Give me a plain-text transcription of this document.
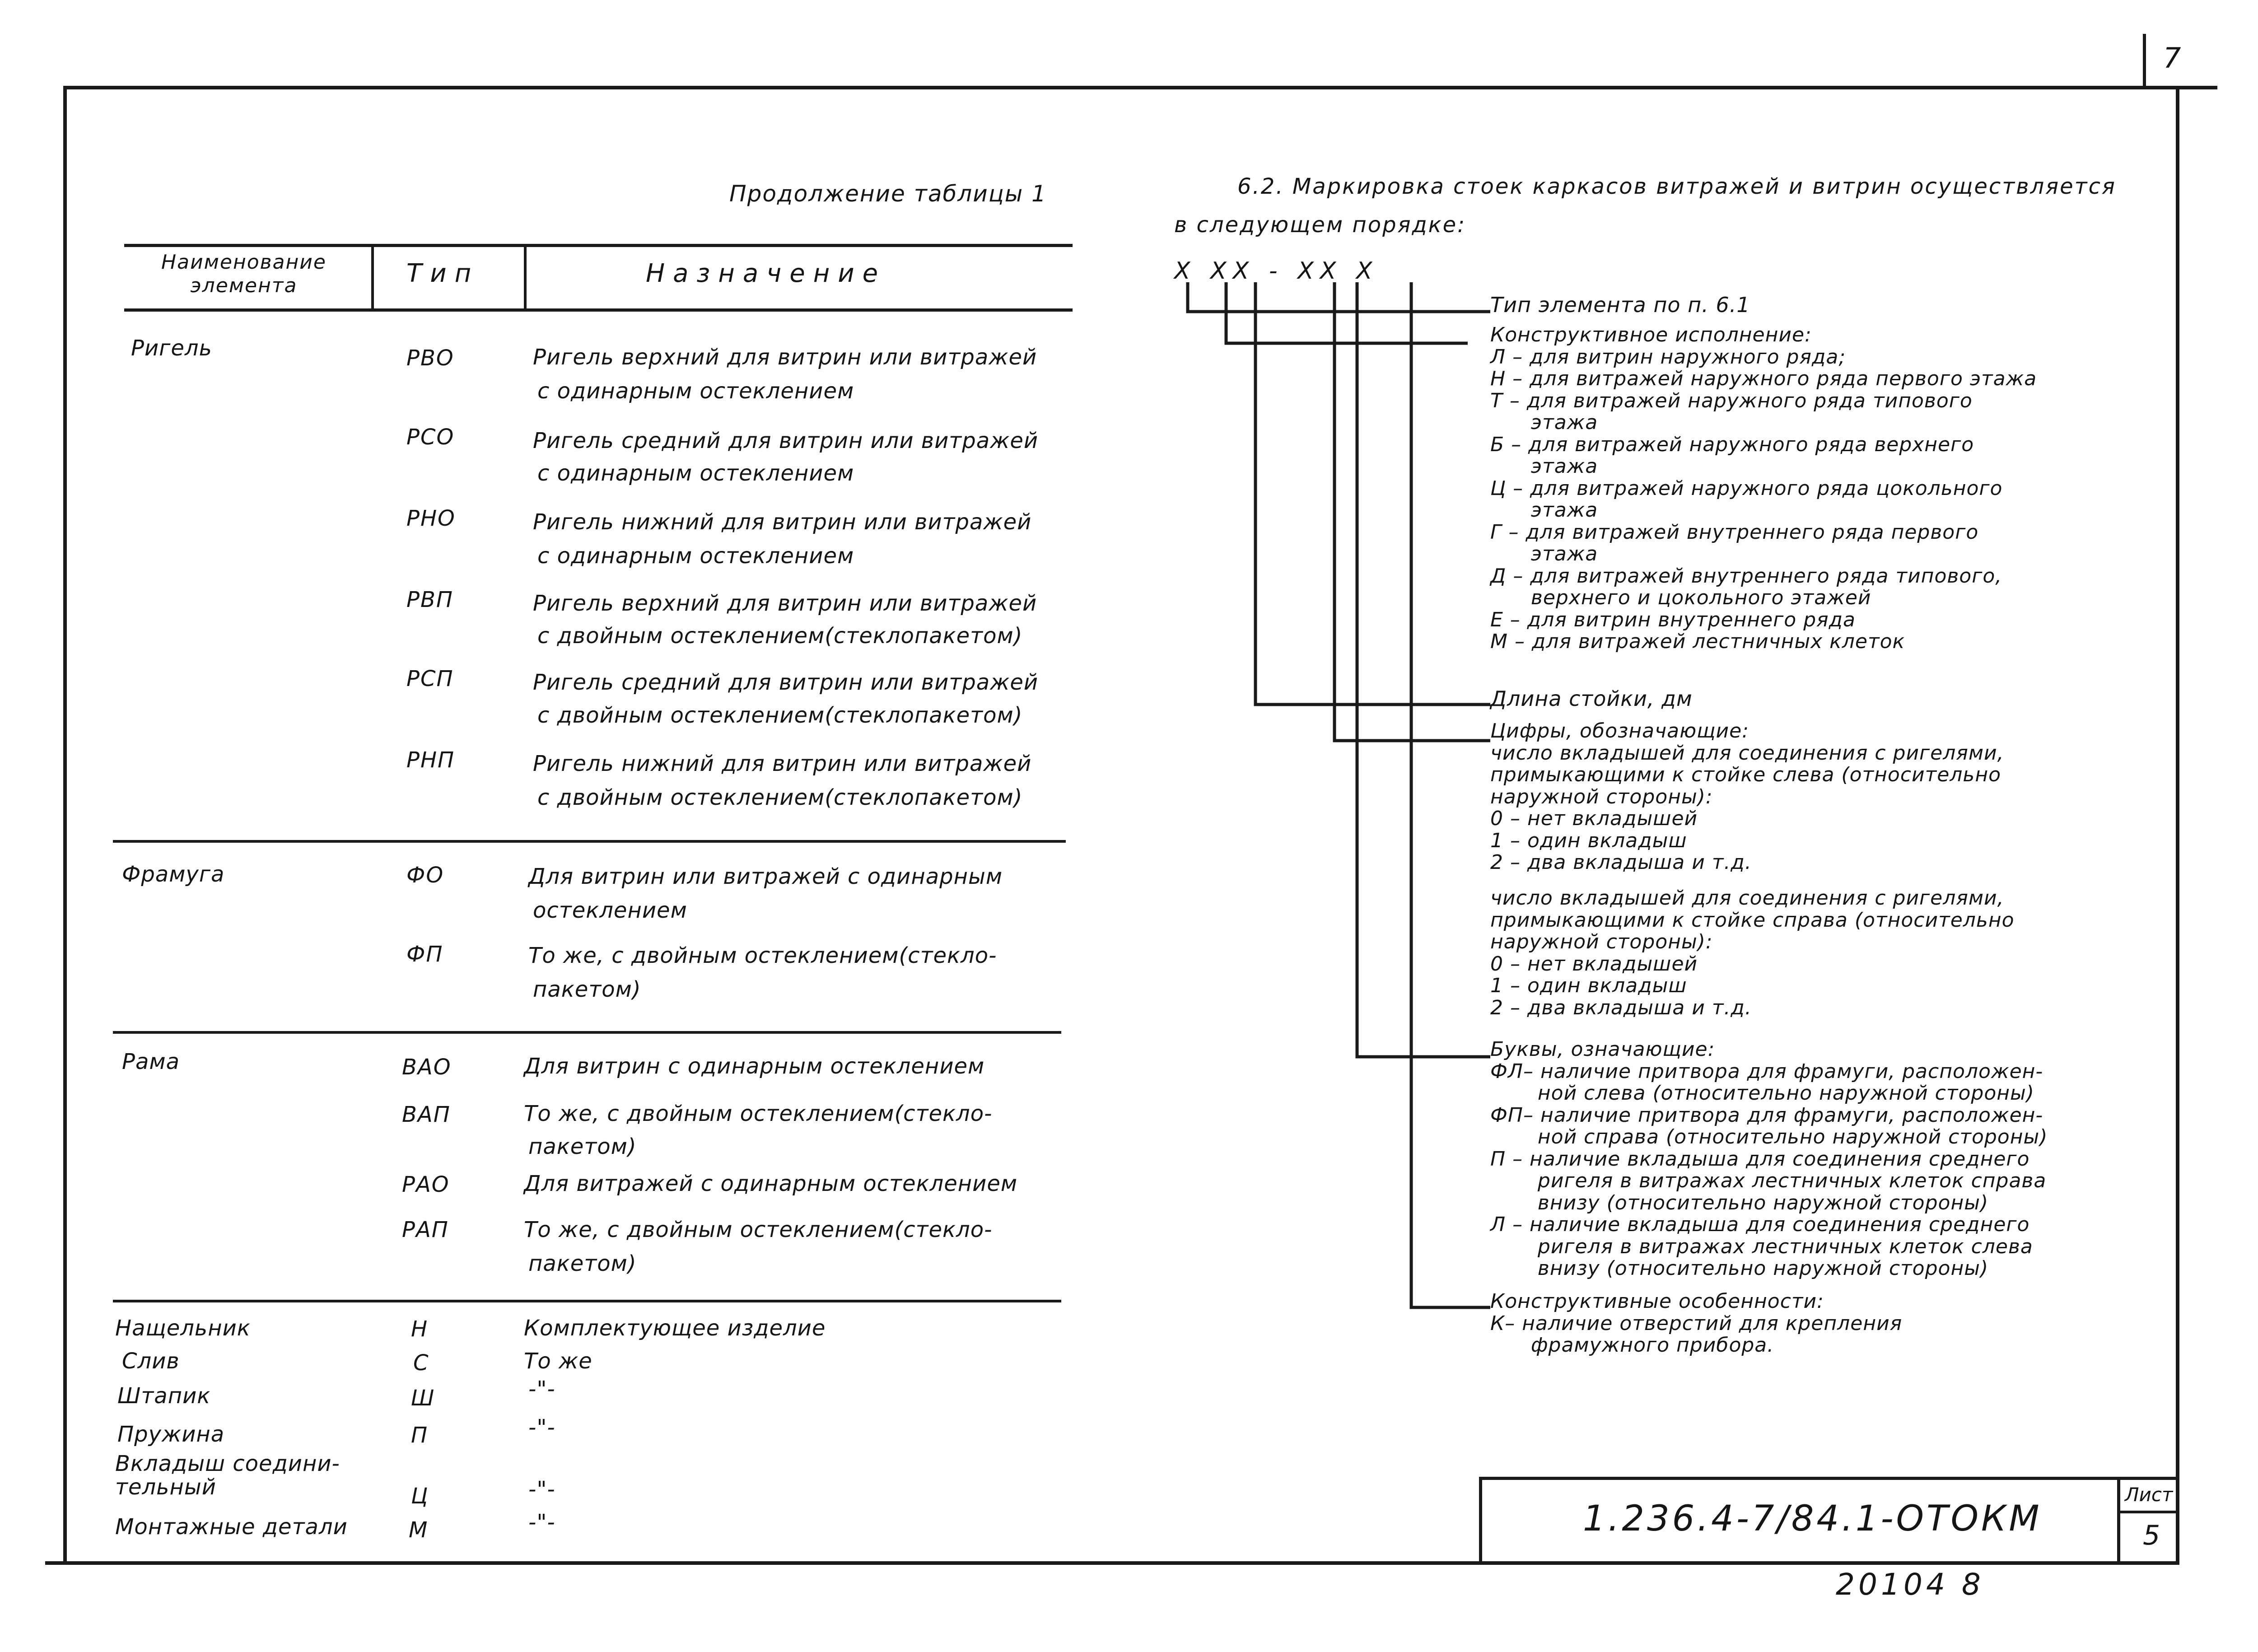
7
Продолжение таблицы 1
Наименование элемента	Тип	Назначение
Ригель	РВО	Ригель верхний для витрин или витражей
с одинарным остеклением
РСО	Ригель средний для витрин или витражей
с одинарным остеклением
РНО	Ригель нижний для витрин или витражей
с одинарным остеклением
РВП	Ригель верхний для витрин или витражей
с двойным остеклением(стеклопакетом)
РСП	Ригель средний для витрин или витражей
с двойным остеклением(стеклопакетом)
РНП	Ригель нижний для витрин или витражей
с двойным остеклением(стеклопакетом)
Фрамуга	ФО	Для витрин или витражей с одинарным
остеклением
ФП	То же, с двойным остеклением(стекло-
пакетом)
Рама	ВАО	Для витрин с одинарным остеклением
ВАП	То же, с двойным остеклением(стекло-
пакетом)
РАО	Для витражей с одинарным остеклением
РАП	То же, с двойным остеклением(стекло-
пакетом)
Нащельник	Н	Комплектующее изделие
Слив	С	То же
Штапик	Ш	-"-
Пружина	П	-"-
Вкладыш соедини-
тельный	Ц	-"-
Монтажные детали	М	-"-
6.2. Маркировка стоек каркасов витражей и витрин осуществляется
в следующем порядке:
Х ХХ - ХХ Х
Тип элемента по п. 6.1
Конструктивное исполнение:
Л – для витрин наружного ряда;
Н – для витражей наружного ряда первого этажа
Т – для витражей наружного ряда типового
этажа
Б – для витражей наружного ряда верхнего
этажа
Ц – для витражей наружного ряда цокольного
этажа
Г – для витражей внутреннего ряда первого
этажа
Д – для витражей внутреннего ряда типового,
верхнего и цокольного этажей
Е – для витрин внутреннего ряда
М – для витражей лестничных клеток
Длина стойки, дм
Цифры, обозначающие:
число вкладышей для соединения с ригелями,
примыкающими к стойке слева (относительно
наружной стороны):
0 – нет вкладышей
1 – один вкладыш
2 – два вкладыша и т.д.
число вкладышей для соединения с ригелями,
примыкающими к стойке справа (относительно
наружной стороны):
0 – нет вкладышей
1 – один вкладыш
2 – два вкладыша и т.д.
Буквы, означающие:
ФЛ– наличие притвора для фрамуги, расположен-
ной слева (относительно наружной стороны)
ФП– наличие притвора для фрамуги, расположен-
ной справа (относительно наружной стороны)
П – наличие вкладыша для соединения среднего
ригеля в витражах лестничных клеток справа
внизу (относительно наружной стороны)
Л – наличие вкладыша для соединения среднего
ригеля в витражах лестничных клеток слева
внизу (относительно наружной стороны)
Конструктивные особенности:
К– наличие отверстий для крепления
фрамужного прибора.
1.236.4-7/84.1-ОТОКМ
Лист
5
20104 8
